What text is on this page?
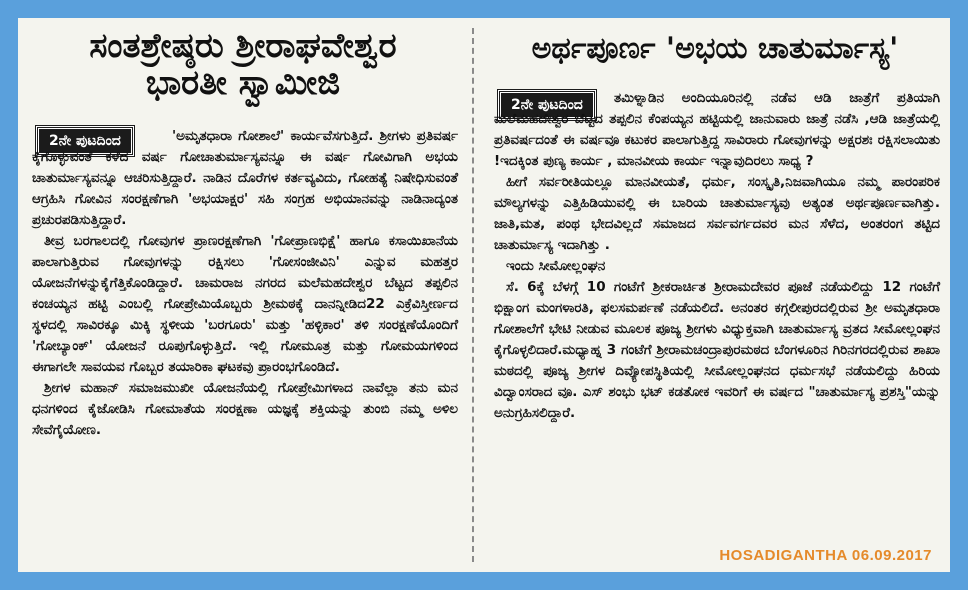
ಸಂತಶ್ರೇಷ್ಠರು ಶ್ರೀರಾಘವೇಶ್ವರ
ಭಾರತೀ ಸ್ವಾಮೀಜಿ
2ನೇ ಪುಟದಿಂದ	'ಅಮೃತಧಾರಾ ಗೋಶಾಲೆ' ಕಾರ್ಯವೆಸಗುತ್ತಿದೆ. ಶ್ರೀಗಳು ಪ್ರತಿವರ್ಷ ಕೈಗೊಳ್ಳುವಂತೆ ಕಳೆದ ವರ್ಷ ಗೋಚಾತುರ್ಮಾಸ್ಯವನ್ನೂ ಈ ವರ್ಷ ಗೋವಿಗಾಗಿ ಅಭಯ ಚಾತುರ್ಮಾಸ್ಯವನ್ನೂ ಆಚರಿಸುತ್ತಿದ್ದಾರೆ. ನಾಡಿನ ದೊರೆಗಳ ಕರ್ತವ್ಯವಿದು, ಗೋಹತ್ಯೆ ನಿಷೇಧಿಸುವಂತೆ ಆಗ್ರಹಿಸಿ ಗೋವಿನ ಸಂರಕ್ಷಣೆಗಾಗಿ 'ಅಭಯಾಕ್ಷರ' ಸಹಿ ಸಂಗ್ರಹ ಅಭಿಯಾನವನ್ನು ನಾಡಿನಾದ್ಯಂತ ಪ್ರಚುರಪಡಿಸುತ್ತಿದ್ದಾರೆ.

ತೀವ್ರ ಬರಗಾಲದಲ್ಲಿ ಗೋವುಗಳ ಪ್ರಾಣರಕ್ಷಣೆಗಾಗಿ 'ಗೋಪ್ರಾಣಭಿಕ್ಷೆ' ಹಾಗೂ ಕಸಾಯಿಖಾನೆಯ ಪಾಲಾಗುತ್ತಿರುವ ಗೋವುಗಳನ್ನು ರಕ್ಷಿಸಲು 'ಗೋಸಂಜೀವಿನಿ' ಎನ್ನುವ ಮಹತ್ತರ ಯೋಜನೆಗಳನ್ನುಕೈಗೆತ್ತಿಕೊಂಡಿದ್ದಾರೆ. ಚಾಮರಾಜ ನಗರದ ಮಲೆಮಹದೇಶ್ವರ ಬೆಟ್ಟದ ತಪ್ಪಲಿನ ಕಂಚಯ್ಯನ ಹಟ್ಟಿ ಎಂಬಲ್ಲಿ ಗೋಪ್ರೇಮಿಯೊಬ್ಬರು ಶ್ರೀಮಠಕ್ಕೆ ದಾನನ್ನೀಡಿದ22 ಎಕ್ರೆವಿಸ್ತೀರ್ಣದ ಸ್ಥಳದಲ್ಲಿ ಸಾವಿರಕ್ಕೂ ಮಿಕ್ಕಿ ಸ್ಥಳೀಯ 'ಬರಗೂರು' ಮತ್ತು 'ಹಳ್ಳಿಕಾರ' ತಳಿ ಸಂರಕ್ಷಣೆಯೊಂದಿಗೆ 'ಗೋಬ್ಯಾಂಕ್' ಯೋಜನೆ ರೂಪುಗೊಳ್ಳುತ್ತಿದೆ. ಇಲ್ಲಿ ಗೋಮೂತ್ರ ಮತ್ತು ಗೋಮಯಗಳಿಂದ ಈಗಾಗಲೇ ಸಾವಯವ ಗೊಬ್ಬರ ತಯಾರಿಕಾ ಘಟಕವು ಪ್ರಾರಂಭಗೊಂಡಿದೆ.

ಶ್ರೀಗಳ ಮಹಾನ್ ಸಮಾಜಮುಖೀ ಯೋಜನೆಯಲ್ಲಿ ಗೋಪ್ರೇಮಿಗಳಾದ ನಾವೆಲ್ಲಾ ತನು ಮನ ಧನಗಳಿಂದ ಕೈಜೋಡಿಸಿ ಗೋಮಾತೆಯ ಸಂರಕ್ಷಣಾ ಯಜ್ಞಕ್ಕೆ ಶಕ್ತಿಯನ್ನು ತುಂಬಿ ನಮ್ಮ ಅಳಿಲ ಸೇವೆಗೈಯೋಣ.

ಅರ್ಥಪೂರ್ಣ 'ಅಭಯ ಚಾತುರ್ಮಾಸ್ಯ'
2ನೇ ಪುಟದಿಂದ	ತಮಿಳ್ನಾಡಿನ ಅಂದಿಯೂರಿನಲ್ಲಿ ನಡೆವ ಆಡಿ ಜಾತ್ರೆಗೆ ಪ್ರತಿಯಾಗಿ ಮಲೆಮಹದೇಶ್ವರ ಬೆಟ್ಟದ ತಪ್ಪಲಿನ ಕೆಂಪಯ್ಯನ ಹಟ್ಟಿಯಲ್ಲಿ ಜಾನುವಾರು ಜಾತ್ರೆ ನಡೆಸಿ ,ಆಡಿ ಜಾತ್ರೆಯಲ್ಲಿ ಪ್ರತಿವರ್ಷದಂತೆ ಈ ವರ್ಷವೂ ಕಟುಕರ ಪಾಲಾಗುತ್ತಿದ್ದ ಸಾವಿರಾರು ಗೋವುಗಳನ್ನು ಅಕ್ಷರಶಃ ರಕ್ಷಿಸಲಾಯಿತು !ಇದಕ್ಕಿಂತ ಪುಣ್ಯ ಕಾರ್ಯ , ಮಾನವೀಯ ಕಾರ್ಯ ಇನ್ನಾವುದಿರಲು ಸಾಧ್ಯ ?

ಹೀಗೆ ಸರ್ವರೀತಿಯಲ್ಲೂ ಮಾನವೀಯತೆ, ಧರ್ಮ, ಸಂಸ್ಕೃತಿ,ನಿಜವಾಗಿಯೂ ನಮ್ಮ ಪಾರಂಪರಿಕ ಮೌಲ್ಯಗಳನ್ನು ಎತ್ತಿಹಿಡಿಯುವಲ್ಲಿ ಈ ಬಾರಿಯ ಚಾತುರ್ಮಾಸ್ಯವು ಅತ್ಯಂತ ಅರ್ಥಪೂರ್ಣವಾಗಿತ್ತು. ಜಾತಿ,ಮತ, ಪಂಥ ಭೇದವಿಲ್ಲದೆ ಸಮಾಜದ ಸರ್ವವರ್ಗದವರ ಮನ ಸೆಳೆದ, ಅಂತರಂಗ ತಟ್ಟಿದ ಚಾತುರ್ಮಾಸ್ಯ ಇದಾಗಿತ್ತು .

ಇಂದು ಸೀಮೋಲ್ಲಂಘನ

ಸೆ. 6ಕ್ಕೆ ಬೆಳಗ್ಗೆ 10 ಗಂಟೆಗೆ ಶ್ರೀಕರಾರ್ಚಿತ ಶ್ರೀರಾಮದೇವರ ಪೂಜೆ ನಡೆಯಲಿದ್ದು 12 ಗಂಟೆಗೆ ಭಿಕ್ಷಾಂಗ ಮಂಗಳಾರತಿ, ಫಲಸಮರ್ಪಣೆ ನಡೆಯಲಿದೆ. ಅನಂತರ ಕಗ್ಗಲೀಪುರದಲ್ಲಿರುವ ಶ್ರೀ ಅಮೃತಧಾರಾ ಗೋಶಾಲೆಗೆ ಭೇಟಿ ನೀಡುವ ಮೂಲಕ ಪೂಜ್ಯ ಶ್ರೀಗಳು ವಿಧ್ಯುಕ್ತವಾಗಿ ಚಾತುರ್ಮಾಸ್ಯ ವ್ರತದ ಸೀಮೋಲ್ಲಂಘನ ಕೈಗೊಳ್ಳಲಿದಾರೆ.ಮಧ್ಯಾಹ್ನ 3 ಗಂಟೆಗೆ ಶ್ರೀರಾಮಚಂದ್ರಾಪುರಮಠದ ಬೆಂಗಳೂರಿನ ಗಿರಿನಗರದಲ್ಲಿರುವ ಶಾಖಾ ಮಠದಲ್ಲಿ ಪೂಜ್ಯ ಶ್ರೀಗಳ ದಿವ್ಯೋಪಸ್ಥಿತಿಯಲ್ಲಿ ಸೀಮೋಲ್ಲಂಘನದ ಧರ್ಮಸಭೆ ನಡೆಯಲಿದ್ದು ಹಿರಿಯ ವಿದ್ವಾಂಸರಾದ ವೂ. ಎಸ್ ಶಂಭು ಭಟ್ ಕಡತೋಕ ಇವರಿಗೆ ಈ ವರ್ಷದ "ಚಾತುರ್ಮಾಸ್ಯ ಪ್ರಶಸ್ತಿ"ಯನ್ನು ಅನುಗ್ರಹಿಸಲಿದ್ದಾರೆ.

HOSADIGANTHA 06.09.2017
